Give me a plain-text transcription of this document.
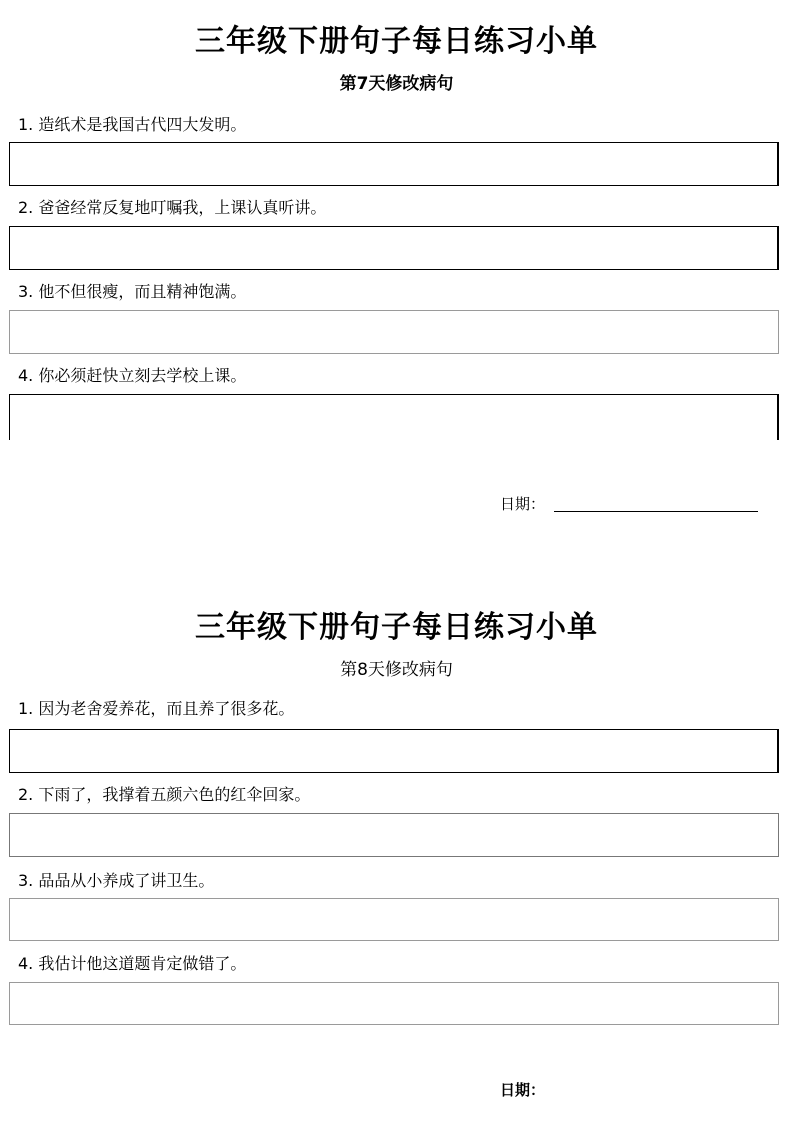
三年级下册句子每日练习小单
第7天修改病句
1. 造纸术是我国古代四大发明。
2. 爸爸经常反复地叮嘱我，上课认真听讲。
3. 他不但很瘦，而且精神饱满。
4. 你必须赶快立刻去学校上课。
日期：
三年级下册句子每日练习小单
第8天修改病句
1. 因为老舍爱养花，而且养了很多花。
2. 下雨了，我撑着五颜六色的红伞回家。
3. 品品从小养成了讲卫生。
4. 我估计他这道题肯定做错了。
日期：
